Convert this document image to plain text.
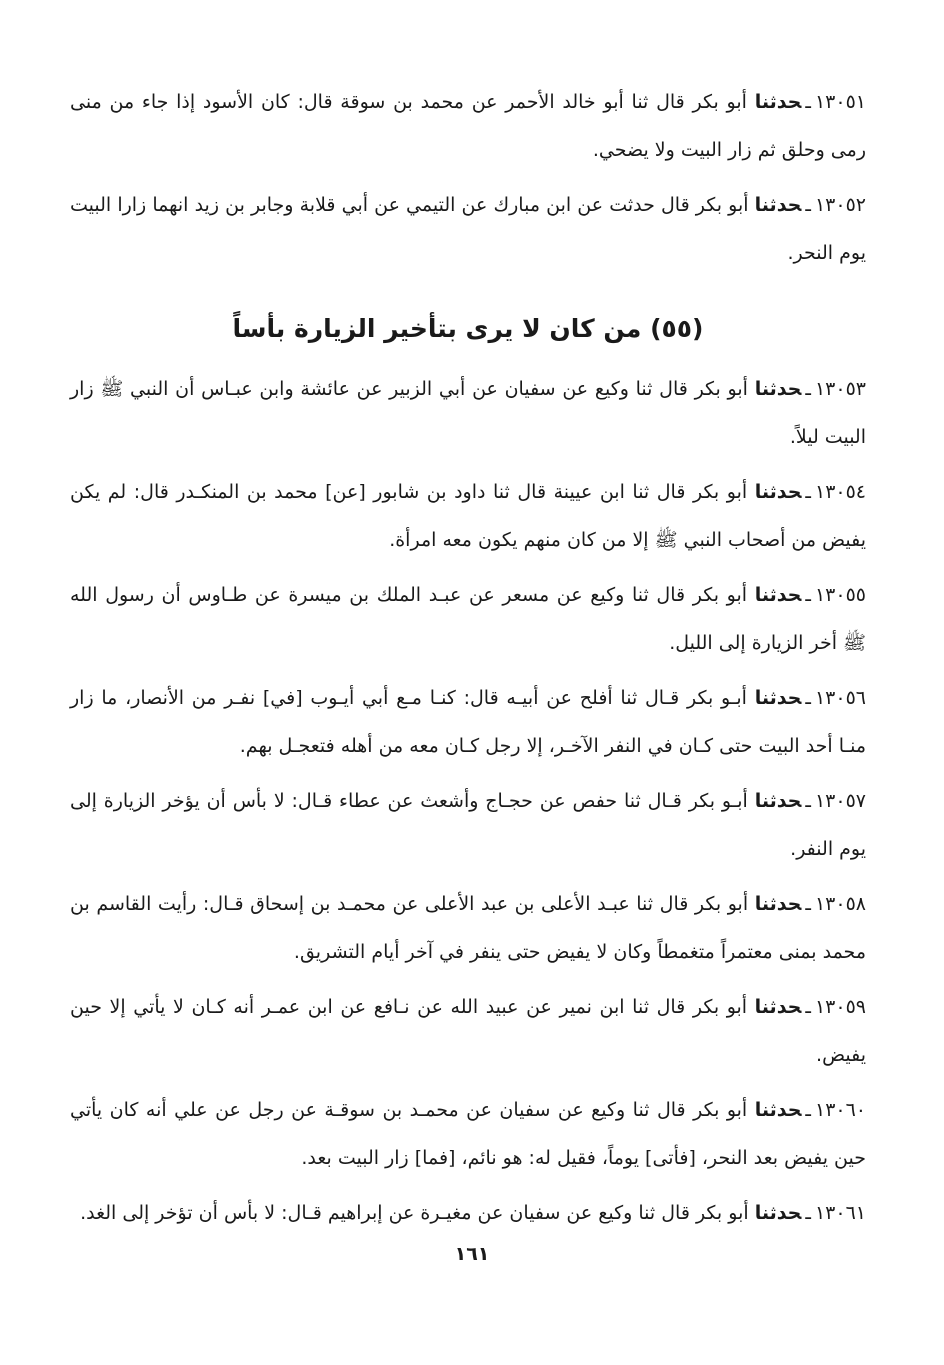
١٣٠٥١ـحدثنا أبو بكر قال ثنا أبو خالد الأحمر عن محمد بن سوقة قال: كان الأسود إذا جاء من منى رمى وحلق ثم زار البيت ولا يضحي.

١٣٠٥٢ـحدثنا أبو بكر قال حدثت عن ابن مبارك عن التيمي عن أبي قلابة وجابر بن زيد انهما زارا البيت يوم النحر.

(٥٥) من كان لا يرى بتأخير الزيارة بأساً

١٣٠٥٣ـحدثنا أبو بكر قال ثنا وكيع عن سفيان عن أبي الزبير عن عائشة وابن عبـاس أن النبي ﷺ زار البيت ليلاً.

١٣٠٥٤ـحدثنا أبو بكر قال ثنا ابن عيينة قال ثنا داود بن شابور [عن] محمد بن المنكـدر قال: لم يكن يفيض من أصحاب النبي ﷺ إلا من كان منهم يكون معه امرأة.

١٣٠٥٥ـحدثنا أبو بكر قال ثنا وكيع عن مسعر عن عبـد الملك بن ميسرة عن طـاوس أن رسول الله ﷺ أخر الزيارة إلى الليل.

١٣٠٥٦ـحدثنا أبـو بكر قـال ثنا أفلح عن أبيـه قال: كنـا مـع أبي أيـوب [في] نفـر من الأنصار، ما زار منـا أحد البيت حتى كـان في النفر الآخـر، إلا رجل كـان معه من أهله فتعجـل بهم.

١٣٠٥٧ـحدثنا أبـو بكر قـال ثنا حفص عن حجـاج وأشعث عن عطاء قـال: لا بأس أن يؤخر الزيارة إلى يوم النفر.

١٣٠٥٨ـحدثنا أبو بكر قال ثنا عبـد الأعلى بن عبد الأعلى عن محمـد بن إسحاق قـال: رأيت القاسم بن محمد بمنى معتمراً متغمطاً وكان لا يفيض حتى ينفر في آخر أيام التشريق.

١٣٠٥٩ـحدثنا أبو بكر قال ثنا ابن نمير عن عبيد الله عن نـافع عن ابن عمـر أنه كـان لا يأتي إلا حين يفيض.

١٣٠٦٠ـحدثنا أبو بكر قال ثنا وكيع عن سفيان عن محمـد بن سوقـة عن رجل عن علي أنه كان يأتي حين يفيض بعد النحر، [فأتى] يوماً، فقيل له: هو نائم، [فما] زار البيت بعد.

١٣٠٦١ـحدثنا أبو بكر قال ثنا وكيع عن سفيان عن مغيـرة عن إبراهيم قـال: لا بأس أن تؤخر إلى الغد.

١٦١
